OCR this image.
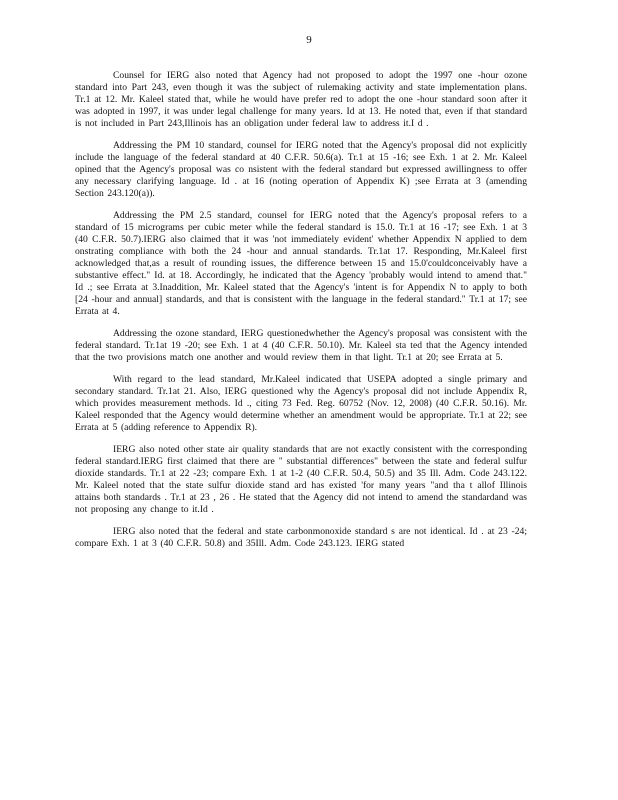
9

Counsel for IERG also noted that Agency had not proposed to adopt the 1997 one -hour ozone standard into Part 243, even though it was the subject of rulemaking activity and state implementation plans. Tr.1 at 12. Mr. Kaleel stated that, while he would have prefer red to adopt the one -hour standard soon after it was adopted in 1997, it was under legal challenge for many years. Id at 13. He noted that, even if that standard is not included in Part 243,Illinois has an obligation under federal law to address it.I d .

Addressing the PM 10 standard, counsel for IERG noted that the Agency's proposal did not explicitly include the language of the federal standard at 40 C.F.R. 50.6(a). Tr.1 at 15 -16; see Exh. 1 at 2. Mr. Kaleel opined that the Agency's proposal was co nsistent with the federal standard but expressed awillingness to offer any necessary clarifying language. Id . at 16 (noting operation of Appendix K) ;see Errata at 3 (amending Section 243.120(a)).

Addressing the PM 2.5 standard, counsel for IERG noted that the Agency's proposal refers to a standard of 15 micrograms per cubic meter while the federal standard is 15.0. Tr.1 at 16 -17; see Exh. 1 at 3 (40 C.F.R. 50.7).IERG also claimed that it was 'not immediately evident' whether Appendix N applied to dem onstrating compliance with both the 24 -hour and annual standards. Tr.1at 17. Responding, Mr.Kaleel first acknowledged that,as a result of rounding issues, the difference between 15 and 15.0'couldconceivably have a substantive effect." Id. at 18. Accordingly, he indicated that the Agency 'probably would intend to amend that." Id .; see Errata at 3.Inaddition, Mr. Kaleel stated that the Agency's 'intent is for Appendix N to apply to both [24 -hour and annual] standards, and that is consistent with the language in the federal standard." Tr.1 at 17; see Errata at 4.

Addressing the ozone standard, IERG questionedwhether the Agency's proposal was consistent with the federal standard. Tr.1at 19 -20; see Exh. 1 at 4 (40 C.F.R. 50.10). Mr. Kaleel sta ted that the Agency intended that the two provisions match one another and would review them in that light. Tr.1 at 20; see Errata at 5.

With regard to the lead standard, Mr.Kaleel indicated that USEPA adopted a single primary and secondary standard. Tr.1at 21. Also, IERG questioned why the Agency's proposal did not include Appendix R, which provides measurement methods. Id ., citing 73 Fed. Reg. 60752 (Nov. 12, 2008) (40 C.F.R. 50.16). Mr. Kaleel responded that the Agency would determine whether an amendment would be appropriate. Tr.1 at 22; see Errata at 5 (adding reference to Appendix R).

IERG also noted other state air quality standards that are not exactly consistent with the corresponding federal standard.IERG first claimed that there are '' substantial differences" between the state and federal sulfur dioxide standards. Tr.1 at 22 -23; compare Exh. 1 at 1-2 (40 C.F.R. 50.4, 50.5) and 35 Ill. Adm. Code 243.122. Mr. Kaleel noted that the state sulfur dioxide stand ard has existed 'for many years "and tha t allof Illinois attains both standards . Tr.1 at 23 , 26 . He stated that the Agency did not intend to amend the standardand was not proposing any change to it.Id .

IERG also noted that the federal and state carbonmonoxide standard s are not identical. Id . at 23 -24; compare Exh. 1 at 3 (40 C.F.R. 50.8) and 35Ill. Adm. Code 243.123. IERG stated
